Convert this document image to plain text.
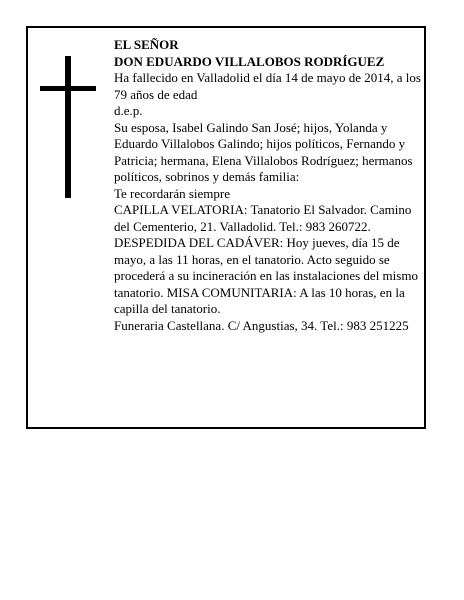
EL SEÑOR

DON EDUARDO VILLALOBOS RODRÍGUEZ

Ha fallecido en Valladolid el día 14 de mayo de 2014, a los 79 años de edad

d.e.p.

Su esposa, Isabel Galindo San José; hijos, Yolanda y Eduardo Villalobos Galindo; hijos políticos, Fernando y Patricia; hermana, Elena Villalobos Rodríguez; hermanos políticos, sobrinos y demás familia:

Te recordarán siempre

CAPILLA VELATORIA: Tanatorio El Salvador. Camino del Cementerio, 21. Valladolid. Tel.: 983 260722.

DESPEDIDA DEL CADÁVER: Hoy jueves, día 15 de mayo, a las 11 horas, en el tanatorio. Acto seguido se procederá a su incineración en las instalaciones del mismo tanatorio. MISA COMUNITARIA: A las 10 horas, en la capilla del tanatorio.

Funeraria Castellana. C/ Angustias, 34. Tel.: 983 251225
